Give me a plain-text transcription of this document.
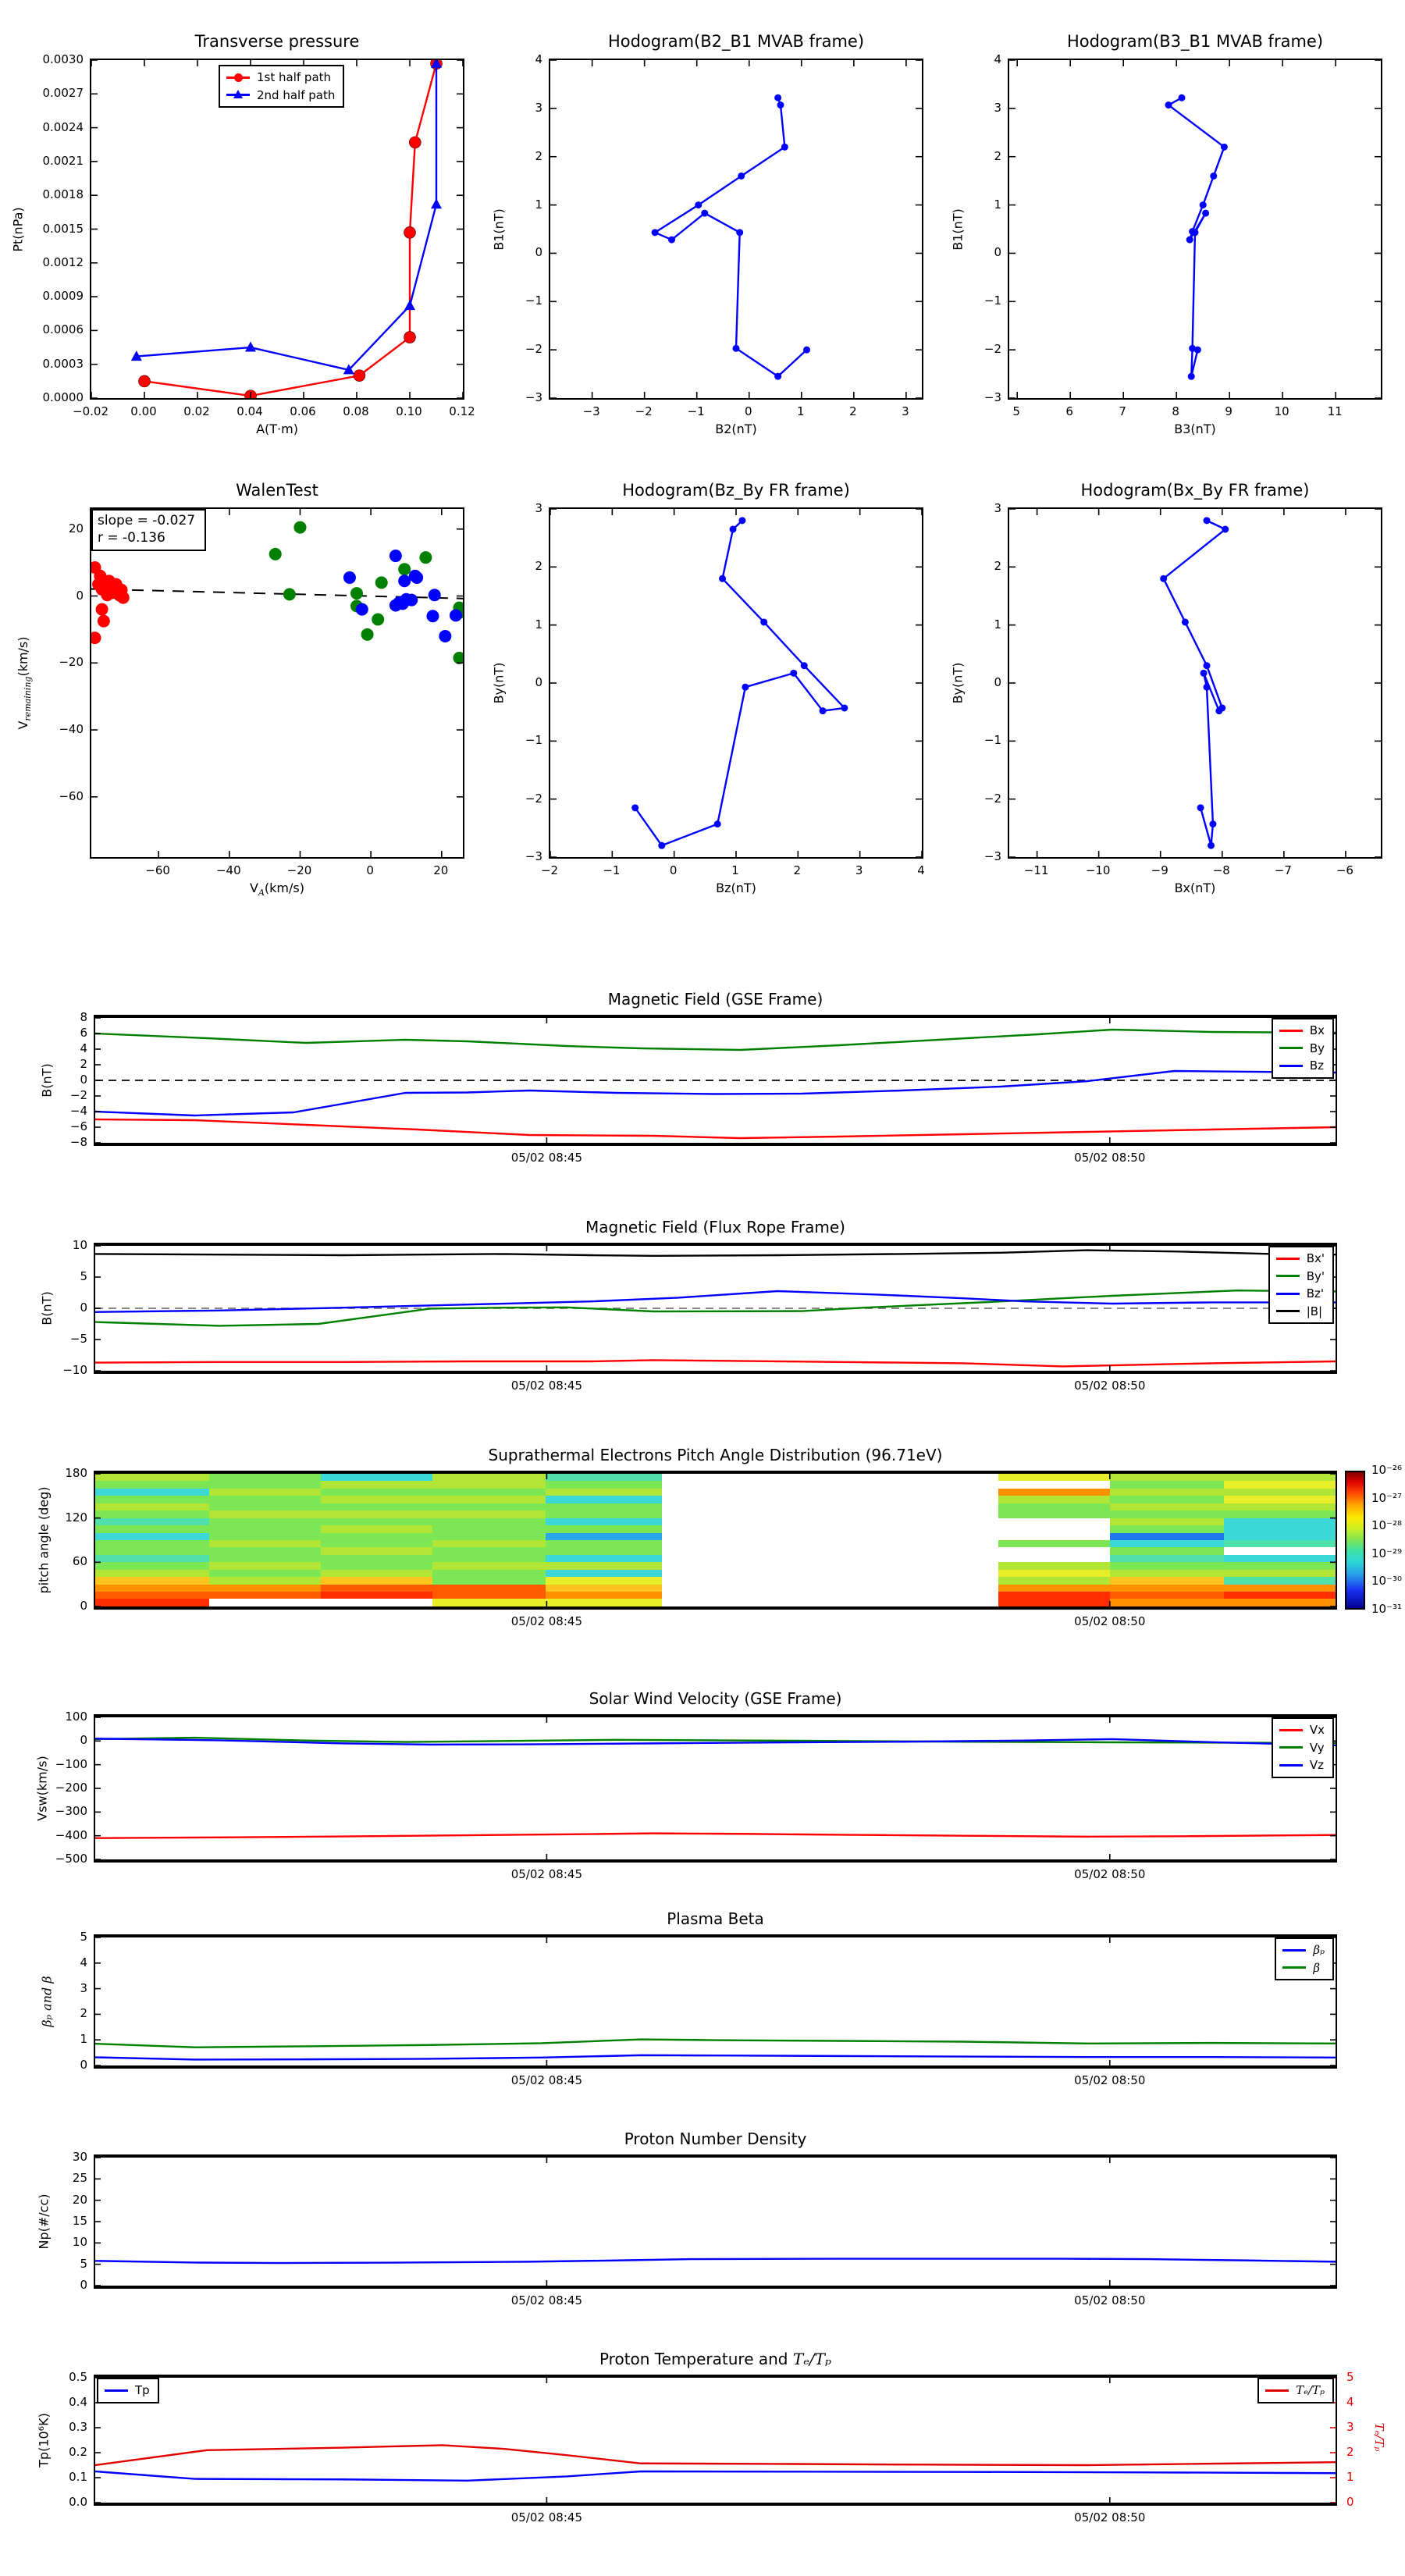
Transverse pressure
A(T·m)
Pt(nPa)
−0.02	0.00	0.02	0.04	0.06	0.08	0.10	0.12
0.0000
0.0003
0.0006
0.0009
0.0012
0.0015
0.0018
0.0021
0.0024
0.0027
0.0030
1st half path
2nd half path
Hodogram(B2_B1 MVAB frame)
B2(nT)
B1(nT)
−3	−2	−1	0	1	2	3
−3
−2
−1
0
1
2
3
4
Hodogram(B3_B1 MVAB frame)
B3(nT)
B1(nT)
5	6	7	8	9	10	11
−3
−2
−1
0
1
2
3
4
WalenTest
$V_A(km/s)$
$V_{remaining}(km/s)$
−60	−40	−20	0	20
20
0
−20
−40
−60
slope = -0.027
r = -0.136
Hodogram(Bz_By FR frame)
Bz(nT)
By(nT)
−2	−1	0	1	2	3	4
−3
−2
−1
0
1
2
3
Hodogram(Bx_By FR frame)
Bx(nT)
By(nT)
−11	−10	−9	−8	−7	−6
−3
−2
−1
0
1
2
3
Magnetic Field (GSE Frame)
B(nT)
05/02 08:45	05/02 08:50
−8
−6
−4
−2
0
2
4
6
8
Bx
By
Bz
Magnetic Field (Flux Rope Frame)
B(nT)
05/02 08:45	05/02 08:50
−10
−5
0
5
10
Bx'
By'
Bz'
|B|
Suprathermal Electrons Pitch Angle Distribution (96.71eV)
pitch angle (deg)
05/02 08:45	05/02 08:50
0
60
120
180	10⁻²⁶
10⁻²⁷
10⁻²⁸
10⁻²⁹
10⁻³⁰
10⁻³¹
Solar Wind Velocity (GSE Frame)
Vsw(km/s)
05/02 08:45	05/02 08:50
100
0
−100
−200
−300
−400
−500
Vx
Vy
Vz
Plasma Beta
βₚ and β
05/02 08:45	05/02 08:50
0
1
2
3
4
5
βₚ
β
Proton Number Density
Np(#/cc)
05/02 08:45	05/02 08:50
0
5
10
15
20
25
30
Proton Temperature and Tₑ/Tₚ
Tp(10⁶K)	Tₑ/Tₚ
05/02 08:45	05/02 08:50
0.0
0.1
0.2
0.3
0.4
0.5
0
1
2
3
4
5
Tp	Tₑ/Tₚ
